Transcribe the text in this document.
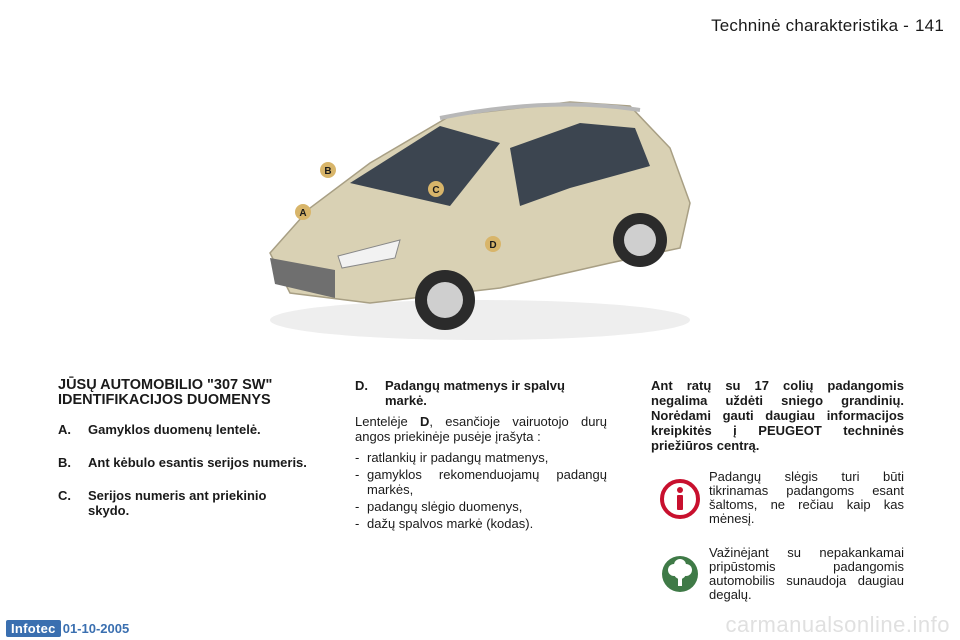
Techninė charakteristika - 141
A
B
C
D
JŪSŲ AUTOMOBILIO "307 SW" IDENTIFIKACIJOS DUOMENYS
A.	Gamyklos duomenų lentelė.
B.	Ant kėbulo esantis serijos numeris.
C.	Serijos numeris ant priekinio skydo.
D.	Padangų matmenys ir spalvų markė.

Lentelėje D, esančioje vairuotojo durų angos priekinėje pusėje įrašyta :

- ratlankių ir padangų matmenys,
- gamyklos rekomenduojamų padangų markės,
- padangų slėgio duomenys,
- dažų spalvos markė (kodas).

Ant ratų su 17 colių padangomis negalima uždėti sniego grandinių. Norėdami gauti daugiau informacijos kreipkitės į PEUGEOT techninės priežiūros centrą.

Padangų slėgis turi būti tikrinamas padangoms esant šaltoms, ne rečiau kaip kas mėnesį.
Važinėjant su nepakankamai pripūstomis padangomis automobilis sunaudoja daugiau degalų.
Infotec 01-10-2005	carmanualsonline.info
